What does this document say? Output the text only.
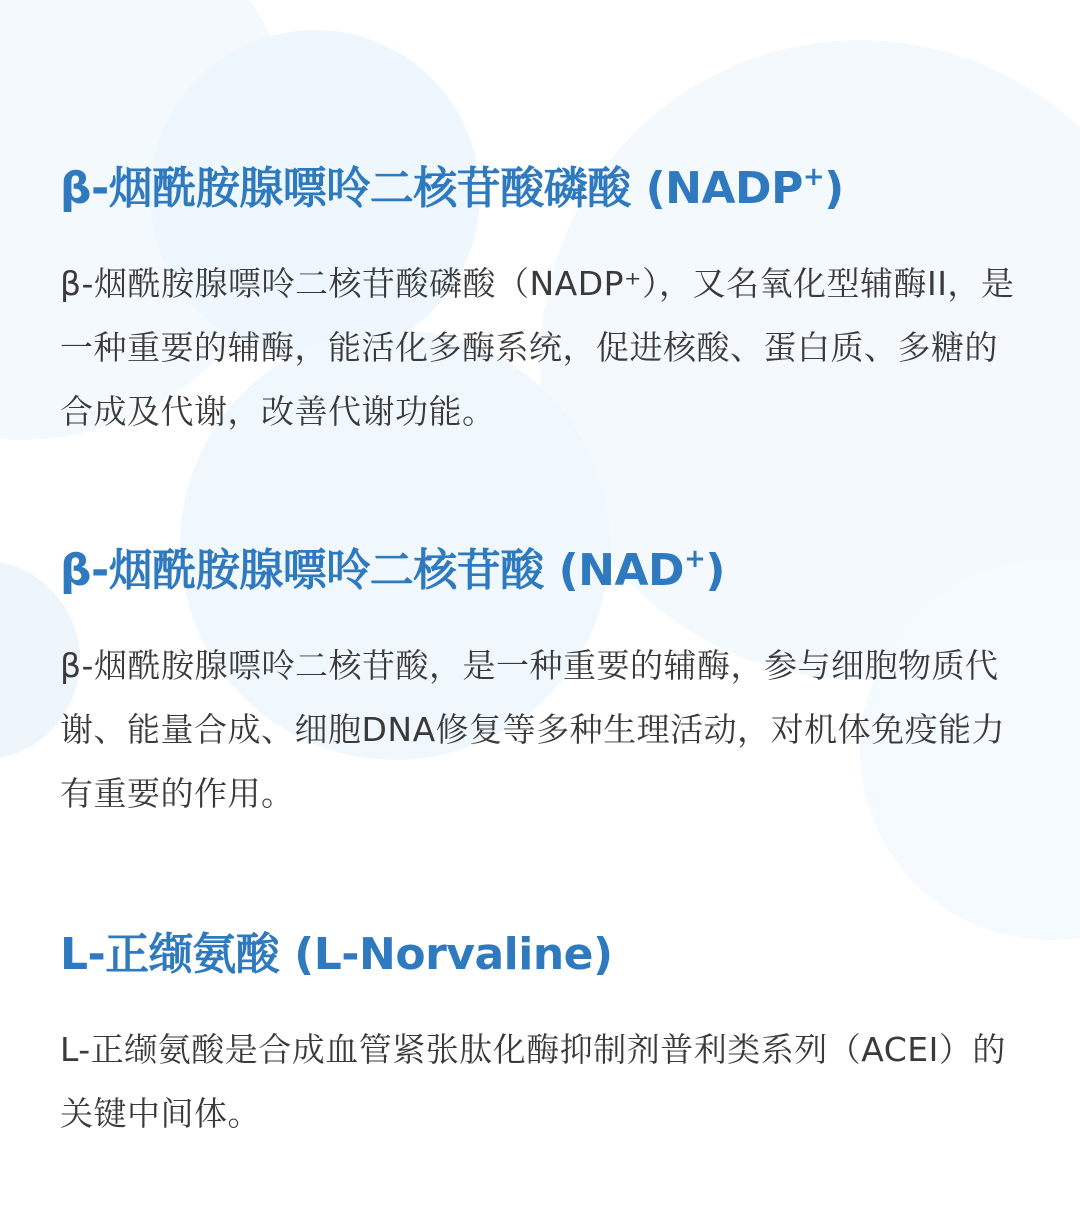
β-烟酰胺腺嘌呤二核苷酸磷酸 (NADP+)

β-烟酰胺腺嘌呤二核苷酸磷酸（NADP⁺），又名氧化型辅酶II，是一种重要的辅酶，能活化多酶系统，促进核酸、蛋白质、多糖的合成及代谢，改善代谢功能。

β-烟酰胺腺嘌呤二核苷酸 (NAD+)

β-烟酰胺腺嘌呤二核苷酸，是一种重要的辅酶，参与细胞物质代谢、能量合成、细胞DNA修复等多种生理活动，对机体免疫能力有重要的作用。

L-正缬氨酸 (L-Norvaline)

L-正缬氨酸是合成血管紧张肽化酶抑制剂普利类系列（ACEI）的关键中间体。
